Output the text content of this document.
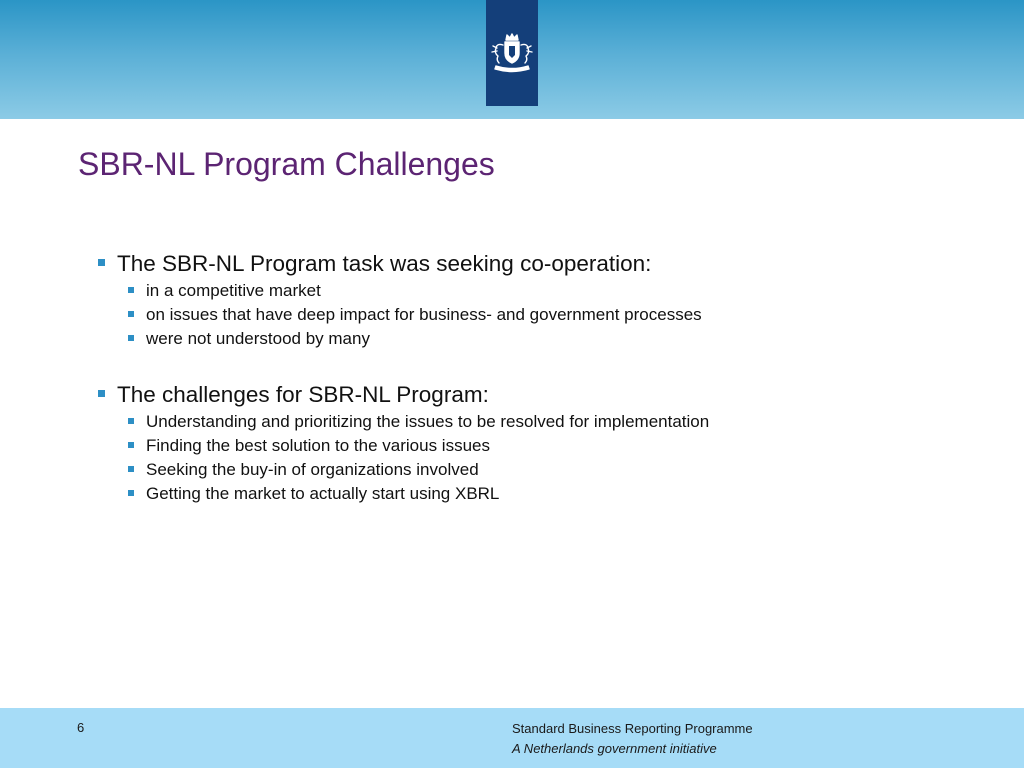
SBR-NL Program Challenges
The SBR-NL Program task was seeking co-operation:
in a competitive market
on issues that have deep impact for business- and government processes
were not understood by many
The challenges for SBR-NL Program:
Understanding and prioritizing the issues to be resolved for implementation
Finding the best solution to the various issues
Seeking the buy-in of organizations involved
Getting the market to actually start using XBRL
6	Standard Business Reporting Programme
A Netherlands government initiative
